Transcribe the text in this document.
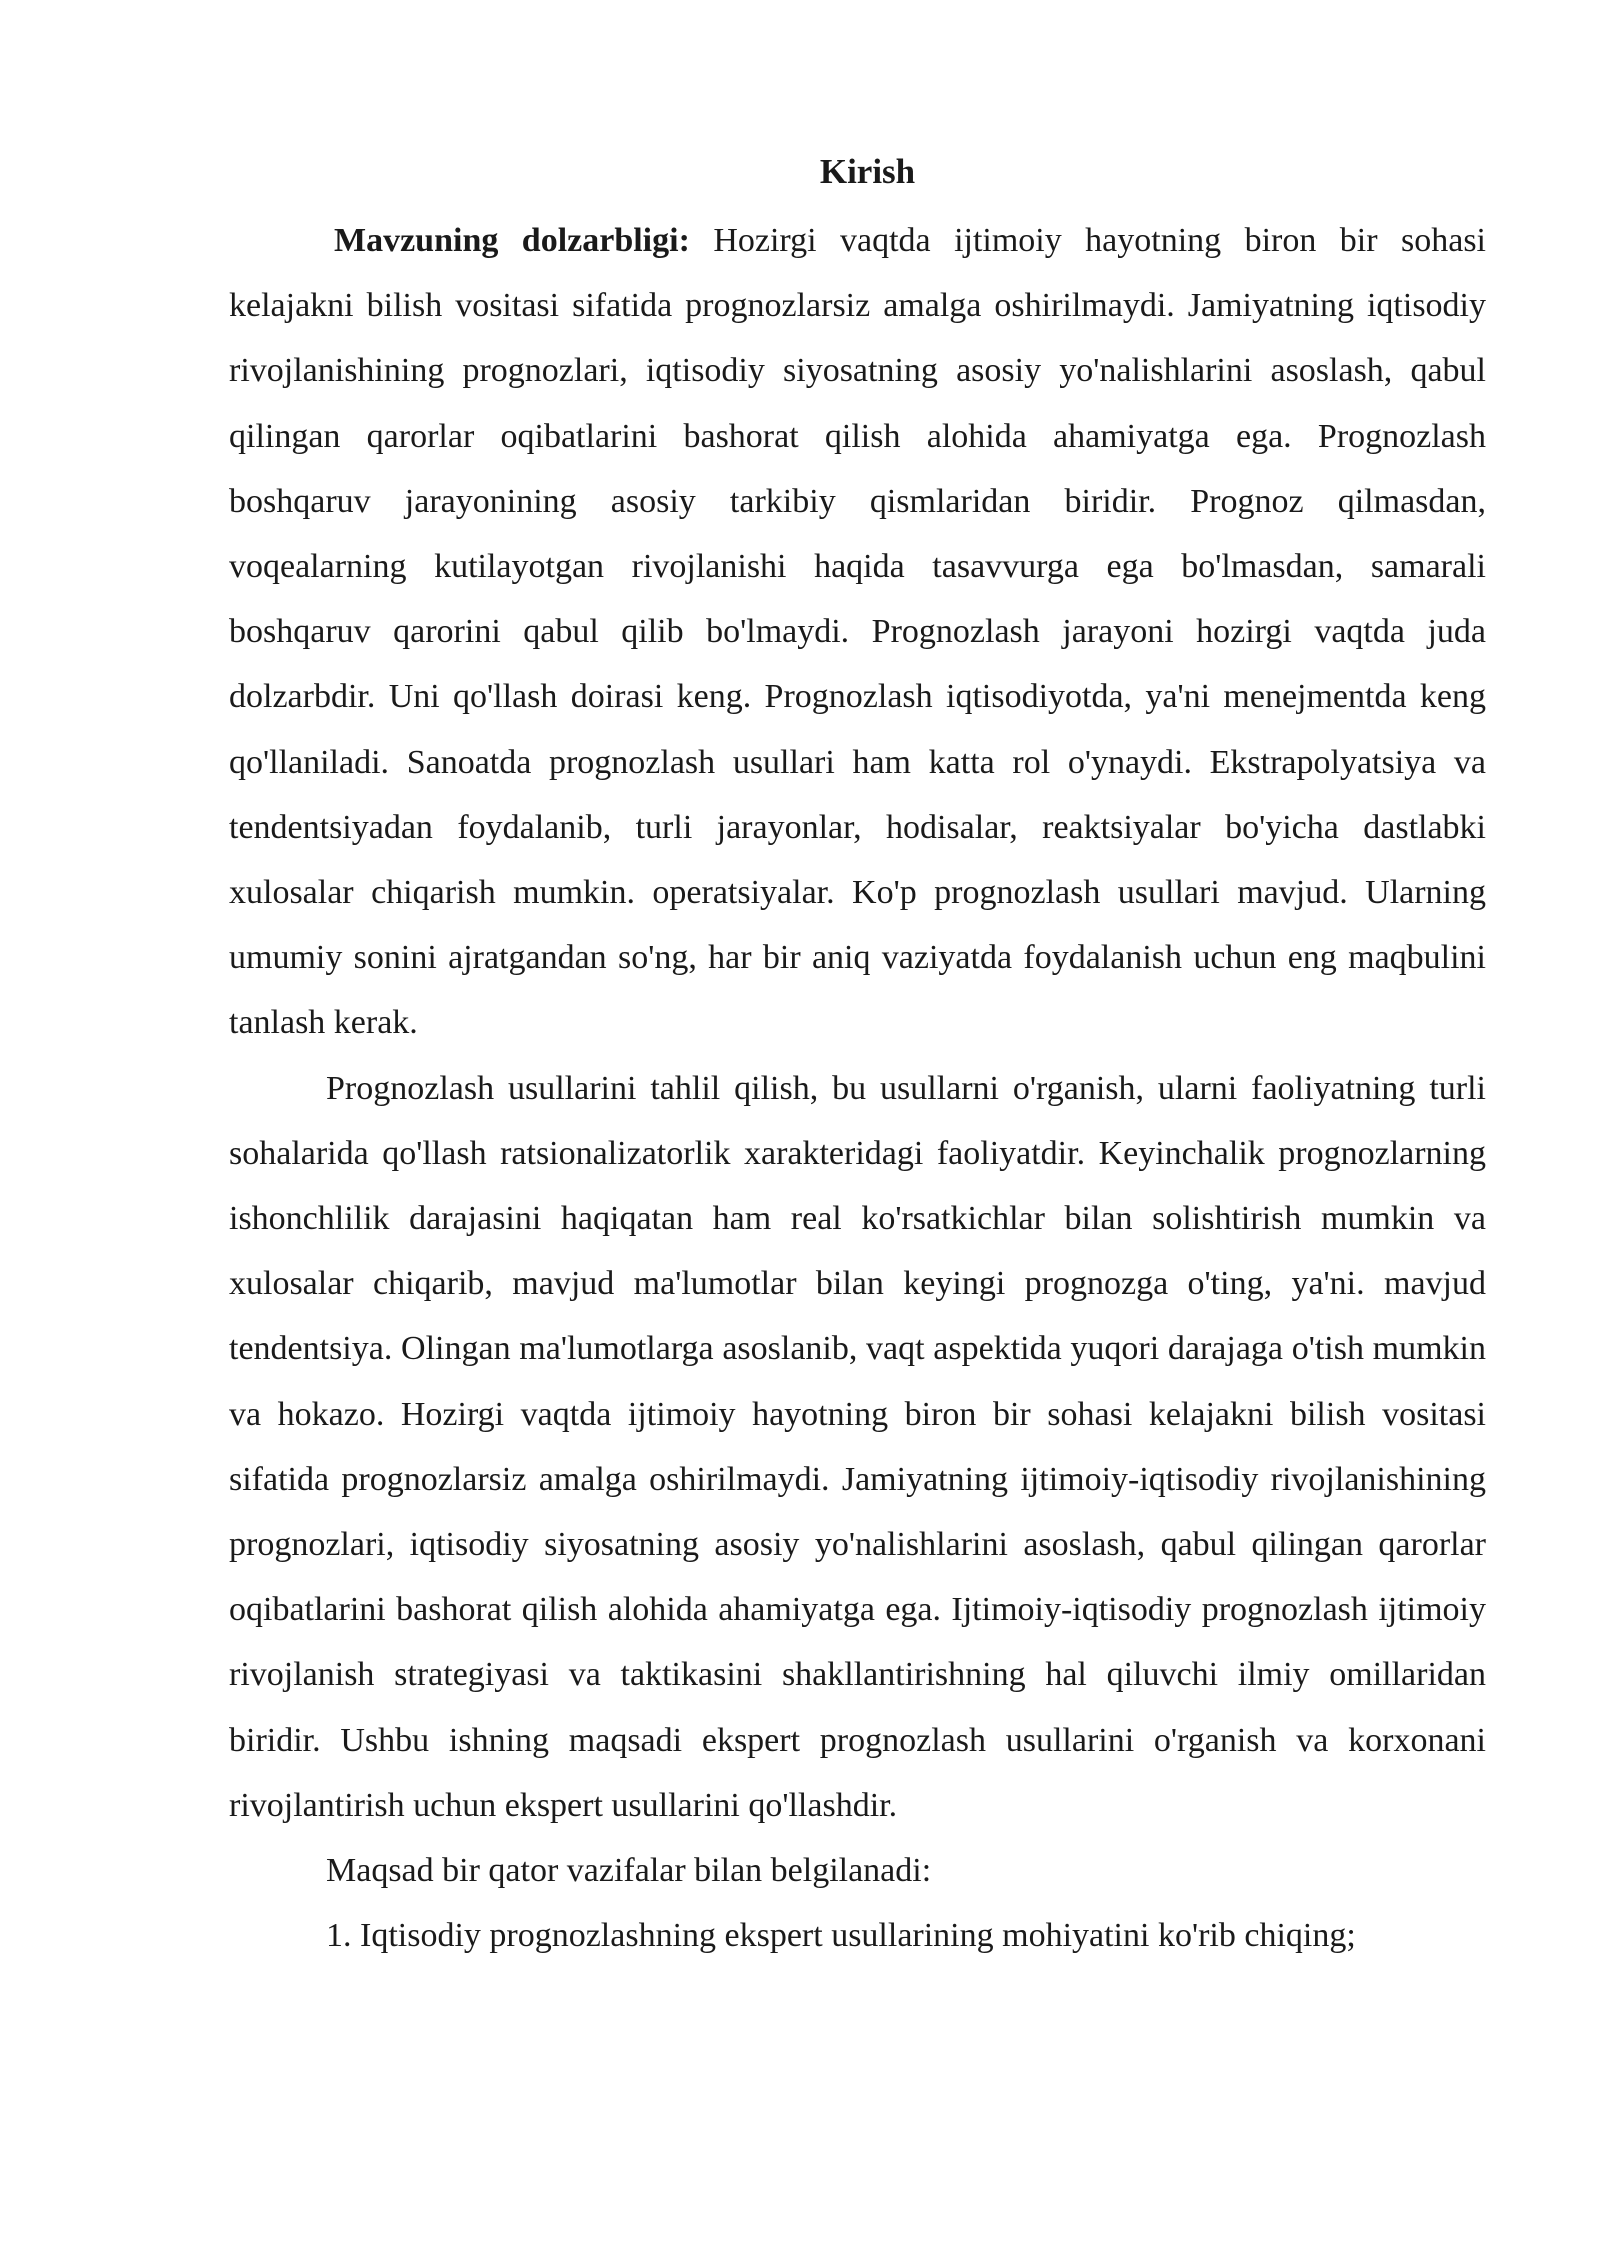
Kirish

Mavzuning dolzarbligi: Hozirgi vaqtda ijtimoiy hayotning biron bir sohasi kelajakni bilish vositasi sifatida prognozlarsiz amalga oshirilmaydi. Jamiyatning iqtisodiy rivojlanishining prognozlari, iqtisodiy siyosatning asosiy yo'nalishlarini asoslash, qabul qilingan qarorlar oqibatlarini bashorat qilish alohida ahamiyatga ega. Prognozlash boshqaruv jarayonining asosiy tarkibiy qismlaridan biridir. Prognoz qilmasdan, voqealarning kutilayotgan rivojlanishi haqida tasavvurga ega bo'lmasdan, samarali boshqaruv qarorini qabul qilib bo'lmaydi. Prognozlash jarayoni hozirgi vaqtda juda dolzarbdir. Uni qo'llash doirasi keng. Prognozlash iqtisodiyotda, ya'ni menejmentda keng qo'llaniladi. Sanoatda prognozlash usullari ham katta rol o'ynaydi. Ekstrapolyatsiya va tendentsiyadan foydalanib, turli jarayonlar, hodisalar, reaktsiyalar bo'yicha dastlabki xulosalar chiqarish mumkin. operatsiyalar. Ko'p prognozlash usullari mavjud. Ularning umumiy sonini ajratgandan so'ng, har bir aniq vaziyatda foydalanish uchun eng maqbulini tanlash kerak.

Prognozlash usullarini tahlil qilish, bu usullarni o'rganish, ularni faoliyatning turli sohalarida qo'llash ratsionalizatorlik xarakteridagi faoliyatdir. Keyinchalik prognozlarning ishonchlilik darajasini haqiqatan ham real ko'rsatkichlar bilan solishtirish mumkin va xulosalar chiqarib, mavjud ma'lumotlar bilan keyingi prognozga o'ting, ya'ni. mavjud tendentsiya. Olingan ma'lumotlarga asoslanib, vaqt aspektida yuqori darajaga o'tish mumkin va hokazo. Hozirgi vaqtda ijtimoiy hayotning biron bir sohasi kelajakni bilish vositasi sifatida prognozlarsiz amalga oshirilmaydi. Jamiyatning ijtimoiy-iqtisodiy rivojlanishining prognozlari, iqtisodiy siyosatning asosiy yo'nalishlarini asoslash, qabul qilingan qarorlar oqibatlarini bashorat qilish alohida ahamiyatga ega. Ijtimoiy-iqtisodiy prognozlash ijtimoiy rivojlanish strategiyasi va taktikasini shakllantirishning hal qiluvchi ilmiy omillaridan biridir. Ushbu ishning maqsadi ekspert prognozlash usullarini o'rganish va korxonani rivojlantirish uchun ekspert usullarini qo'llashdir.

Maqsad bir qator vazifalar bilan belgilanadi:

1. Iqtisodiy prognozlashning ekspert usullarining mohiyatini ko'rib chiqing;
